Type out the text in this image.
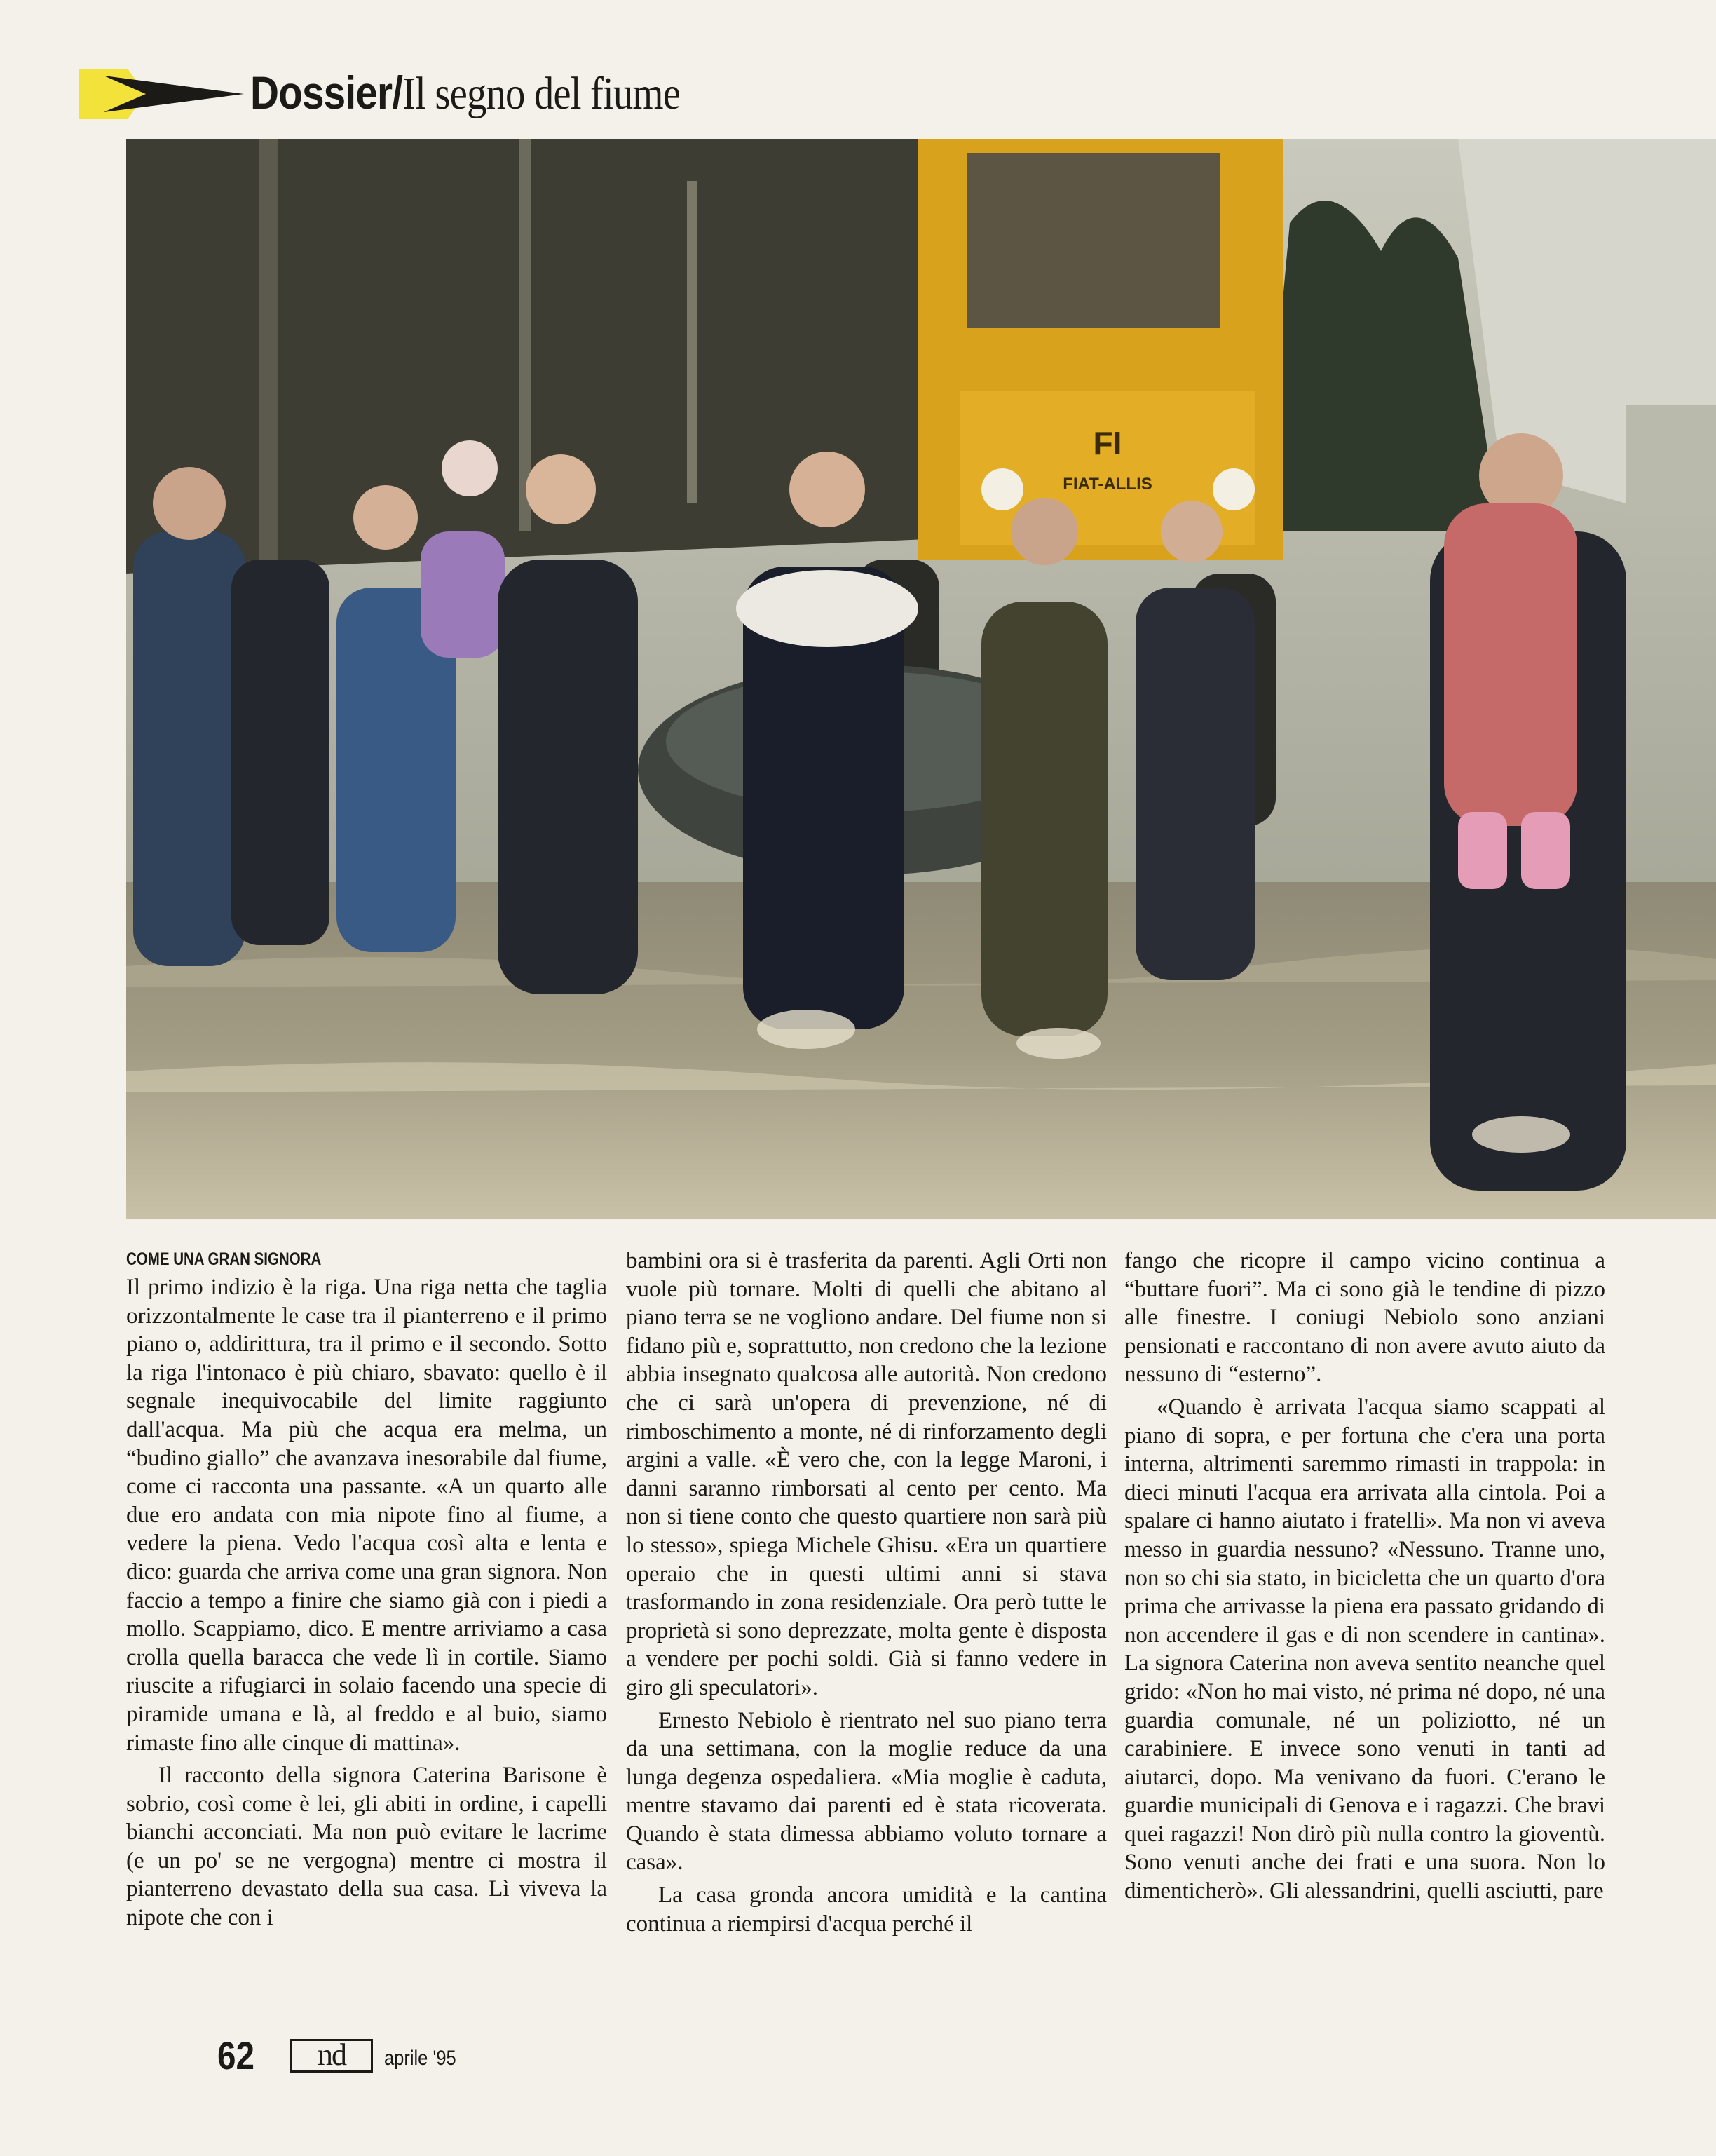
Dossier/Il segno del fiume
FI
FIAT-ALLIS
COME UNA GRAN SIGNORA

Il primo indizio è la riga. Una riga netta che taglia orizzontalmente le case tra il pianterreno e il primo piano o, addirittura, tra il primo e il secondo. Sotto la riga l'intonaco è più chiaro, sbavato: quello è il segnale inequivocabile del limite raggiunto dall'acqua. Ma più che acqua era melma, un “budino giallo” che avanzava inesorabile dal fiume, come ci racconta una passante. «A un quarto alle due ero andata con mia nipote fino al fiume, a vedere la piena. Vedo l'acqua così alta e lenta e dico: guarda che arriva come una gran signora. Non faccio a tempo a finire che siamo già con i piedi a mollo. Scappiamo, dico. E mentre arriviamo a casa crolla quella baracca che vede lì in cortile. Siamo riuscite a rifugiarci in solaio facendo una specie di piramide umana e là, al freddo e al buio, siamo rimaste fino alle cinque di mattina».

Il racconto della signora Caterina Barisone è sobrio, così come è lei, gli abiti in ordine, i capelli bianchi acconciati. Ma non può evitare le lacrime (e un po' se ne vergogna) mentre ci mostra il pianterreno devastato della sua casa. Lì viveva la nipote che con i

bambini ora si è trasferita da parenti. Agli Orti non vuole più tornare. Molti di quelli che abitano al piano terra se ne vogliono andare. Del fiume non si fidano più e, soprattutto, non credono che la lezione abbia insegnato qualcosa alle autorità. Non credono che ci sarà un'opera di prevenzione, né di rimboschimento a monte, né di rinforzamento degli argini a valle. «È vero che, con la legge Maroni, i danni saranno rimborsati al cento per cento. Ma non si tiene conto che questo quartiere non sarà più lo stesso», spiega Michele Ghisu. «Era un quartiere operaio che in questi ultimi anni si stava trasformando in zona residenziale. Ora però tutte le proprietà si sono deprezzate, molta gente è disposta a vendere per pochi soldi. Già si fanno vedere in giro gli speculatori».

Ernesto Nebiolo è rientrato nel suo piano terra da una settimana, con la moglie reduce da una lunga degenza ospedaliera. «Mia moglie è caduta, mentre stavamo dai parenti ed è stata ricoverata. Quando è stata dimessa abbiamo voluto tornare a casa».

La casa gronda ancora umidità e la cantina continua a riempirsi d'acqua perché il

fango che ricopre il campo vicino continua a “buttare fuori”. Ma ci sono già le tendine di pizzo alle finestre. I coniugi Nebiolo sono anziani pensionati e raccontano di non avere avuto aiuto da nessuno di “esterno”.

«Quando è arrivata l'acqua siamo scappati al piano di sopra, e per fortuna che c'era una porta interna, altrimenti saremmo rimasti in trappola: in dieci minuti l'acqua era arrivata alla cintola. Poi a spalare ci hanno aiutato i fratelli». Ma non vi aveva messo in guardia nessuno? «Nessuno. Tranne uno, non so chi sia stato, in bicicletta che un quarto d'ora prima che arrivasse la piena era passato gridando di non accendere il gas e di non scendere in cantina». La signora Caterina non aveva sentito neanche quel grido: «Non ho mai visto, né prima né dopo, né una guardia comunale, né un poliziotto, né un carabiniere. E invece sono venuti in tanti ad aiutarci, dopo. Ma venivano da fuori. C'erano le guardie municipali di Genova e i ragazzi. Che bravi quei ragazzi! Non dirò più nulla contro la gioventù. Sono venuti anche dei frati e una suora. Non lo dimenticherò». Gli alessandrini, quelli asciutti, pare

62	nd	aprile '95
